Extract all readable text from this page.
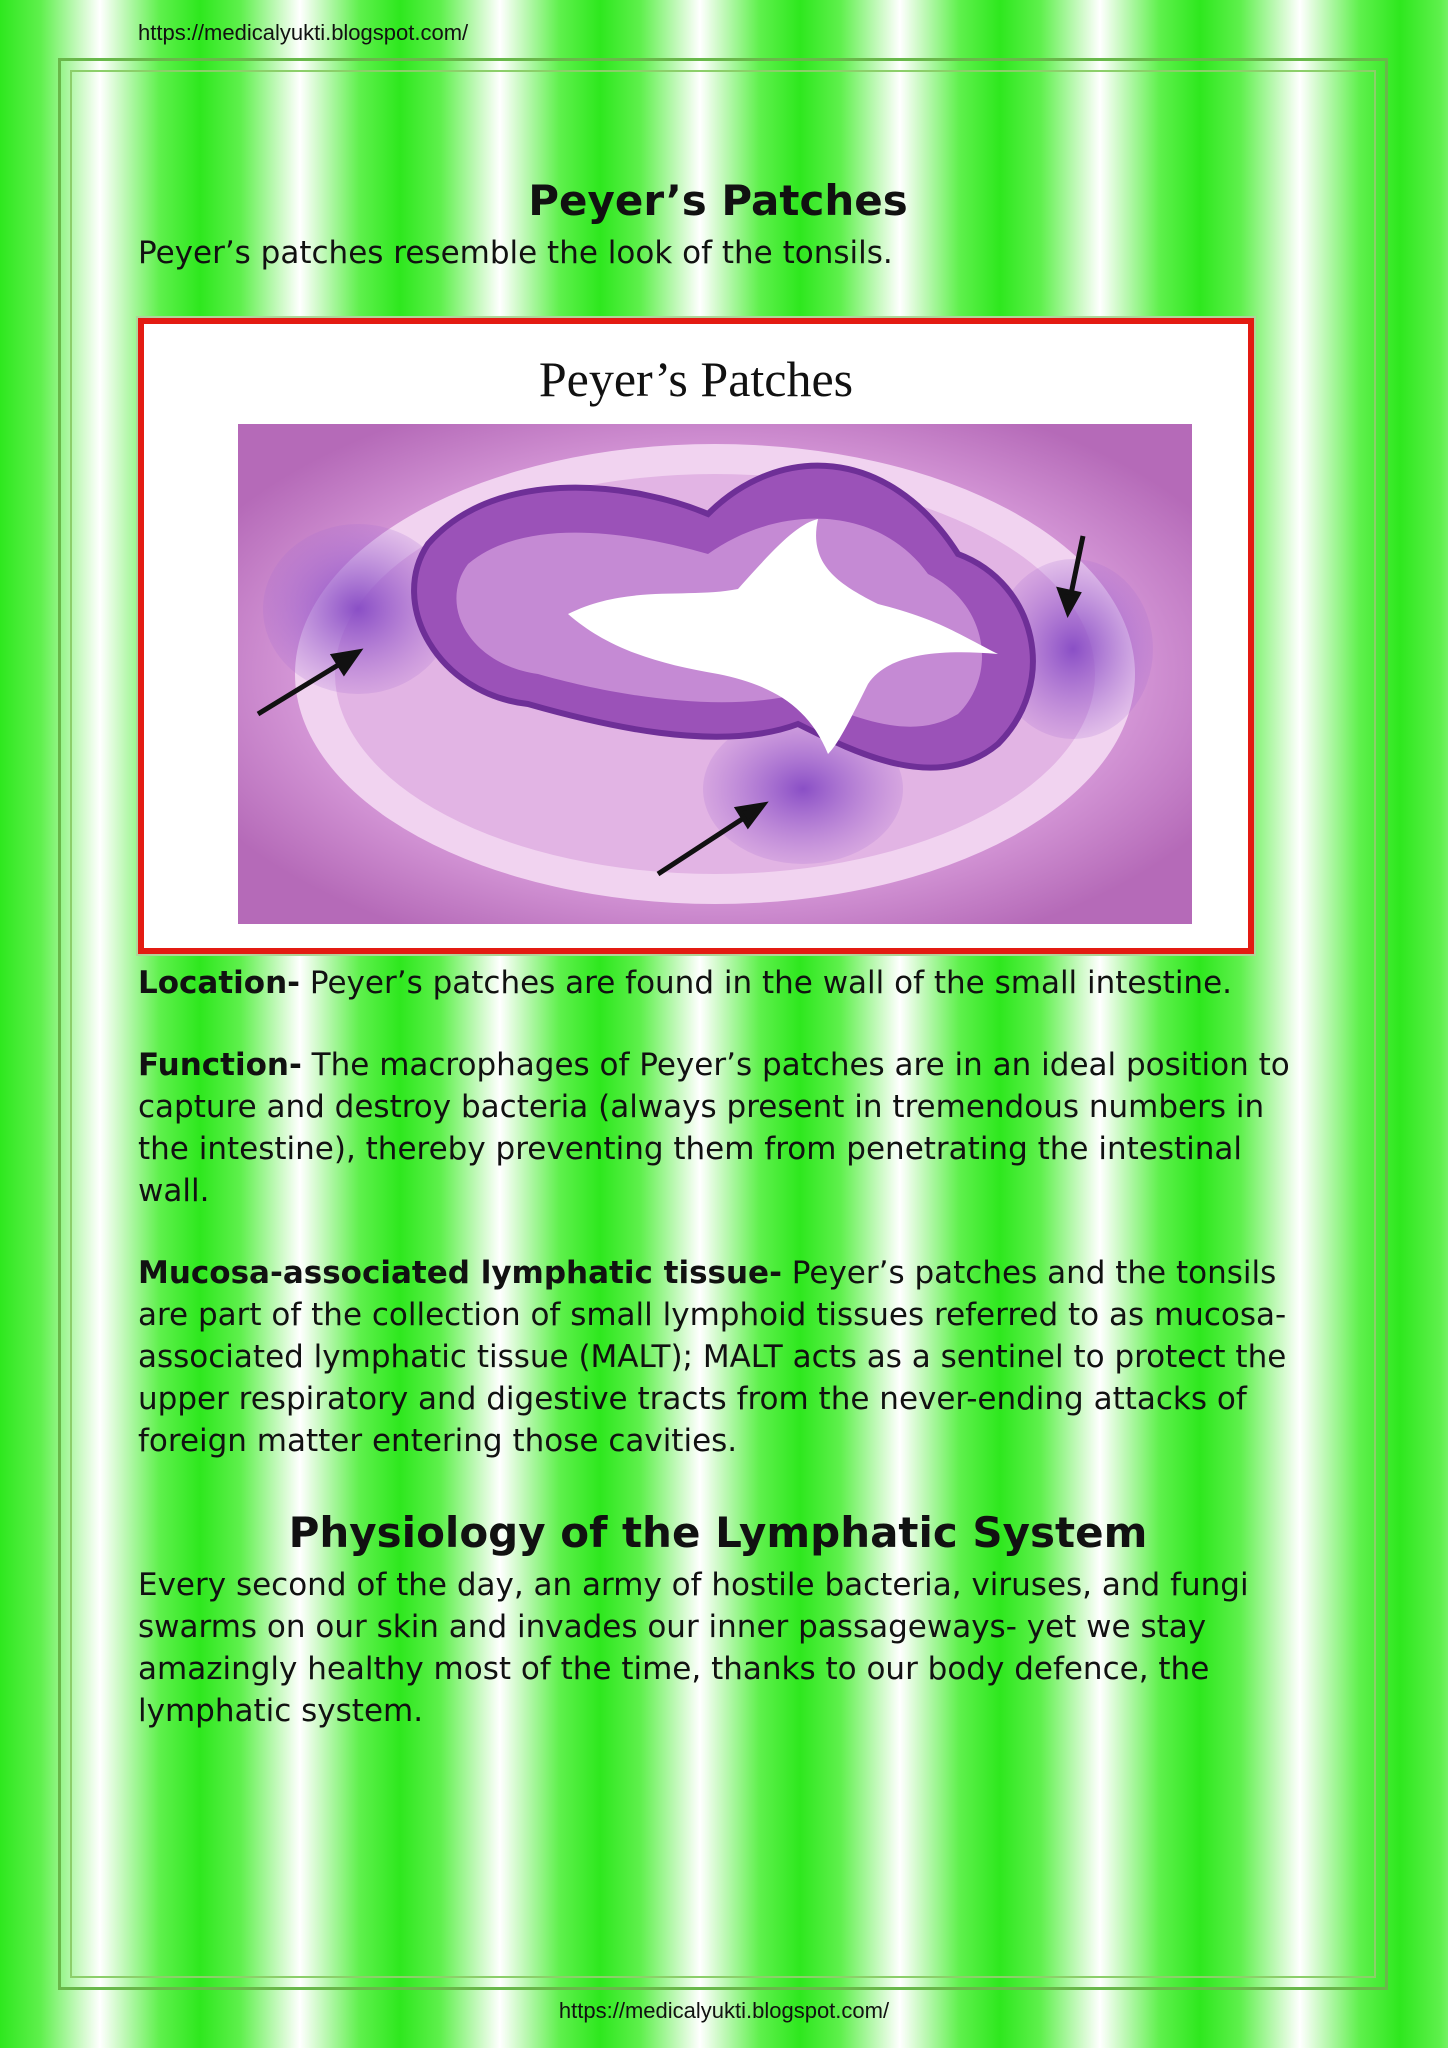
https://medicalyukti.blogspot.com/
Peyer’s Patches

Peyer’s patches resemble the look of the tonsils.

Peyer’s Patches

Location- Peyer’s patches are found in the wall of the small intestine.

Function- The macrophages of Peyer’s patches are in an ideal position to capture and destroy bacteria (always present in tremendous numbers in the intestine), thereby preventing them from penetrating the intestinal wall.

Mucosa-associated lymphatic tissue- Peyer’s patches and the tonsils are part of the collection of small lymphoid tissues referred to as mucosa-associated lymphatic tissue (MALT); MALT acts as a sentinel to protect the upper respiratory and digestive tracts from the never-ending attacks of foreign matter entering those cavities.

Physiology of the Lymphatic System

Every second of the day, an army of hostile bacteria, viruses, and fungi swarms on our skin and invades our inner passageways- yet we stay amazingly healthy most of the time, thanks to our body defence, the lymphatic system.

https://medicalyukti.blogspot.com/
